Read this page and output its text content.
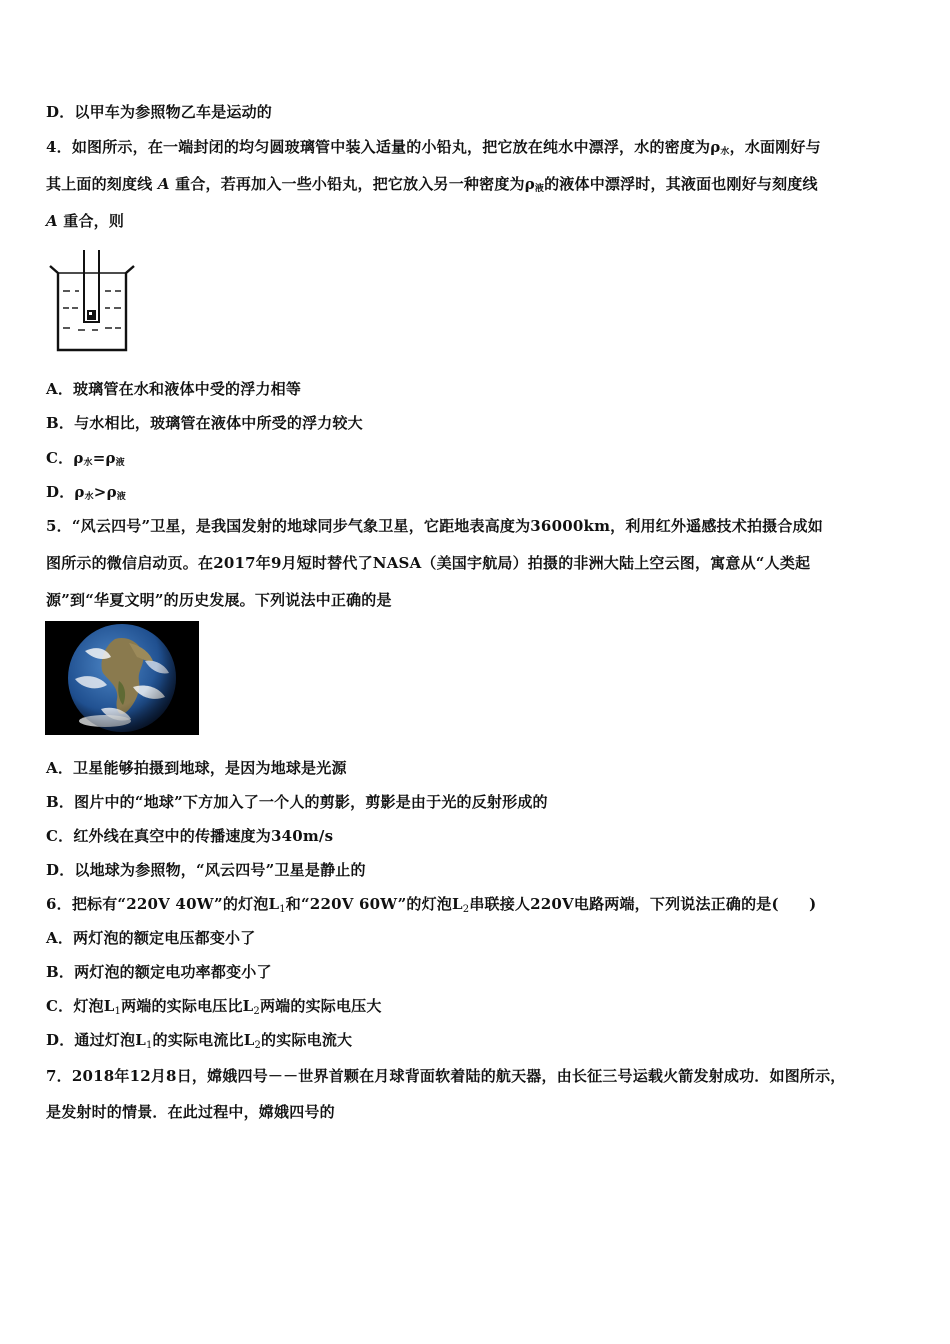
D．以甲车为参照物乙车是运动的
4．如图所示，在一端封闭的均匀圆玻璃管中装入适量的小铅丸，把它放在纯水中漂浮，水的密度为$\rho_水$，水面刚好与
其上面的刻度线 A 重合，若再加入一些小铅丸，把它放入另一种密度为$\rho_液$的液体中漂浮时，其液面也刚好与刻度线
A 重合，则
A．玻璃管在水和液体中受的浮力相等
B．与水相比，玻璃管在液体中所受的浮力较大
C．$\rho_水=\rho_液$
D．$\rho_水>\rho_液$
5．“风云四号”卫星，是我国发射的地球同步气象卫星，它距地表高度为36000km，利用红外遥感技术拍摄合成如
图所示的微信启动页。在2017年9月短时替代了NASA（美国宇航局）拍摄的非洲大陆上空云图，寓意从“人类起
源”到“华夏文明”的历史发展。下列说法中正确的是
A．卫星能够拍摄到地球，是因为地球是光源
B．图片中的“地球”下方加入了一个人的剪影，剪影是由于光的反射形成的
C．红外线在真空中的传播速度为340m/s
D．以地球为参照物，“风云四号”卫星是静止的
6．把标有“220V 40W”的灯泡$L_1$和“220V 60W”的灯泡$L_2$串联接人220V电路两端，下列说法正确的是(　　)
A．两灯泡的额定电压都变小了
B．两灯泡的额定电功率都变小了
C．灯泡$L_1$两端的实际电压比$L_2$两端的实际电压大
D．通过灯泡$L_1$的实际电流比$L_2$的实际电流大
7．2018年12月8日，嫦娥四号－－世界首颗在月球背面软着陆的航天器，由长征三号运载火箭发射成功．如图所示，
是发射时的情景．在此过程中，嫦娥四号的
